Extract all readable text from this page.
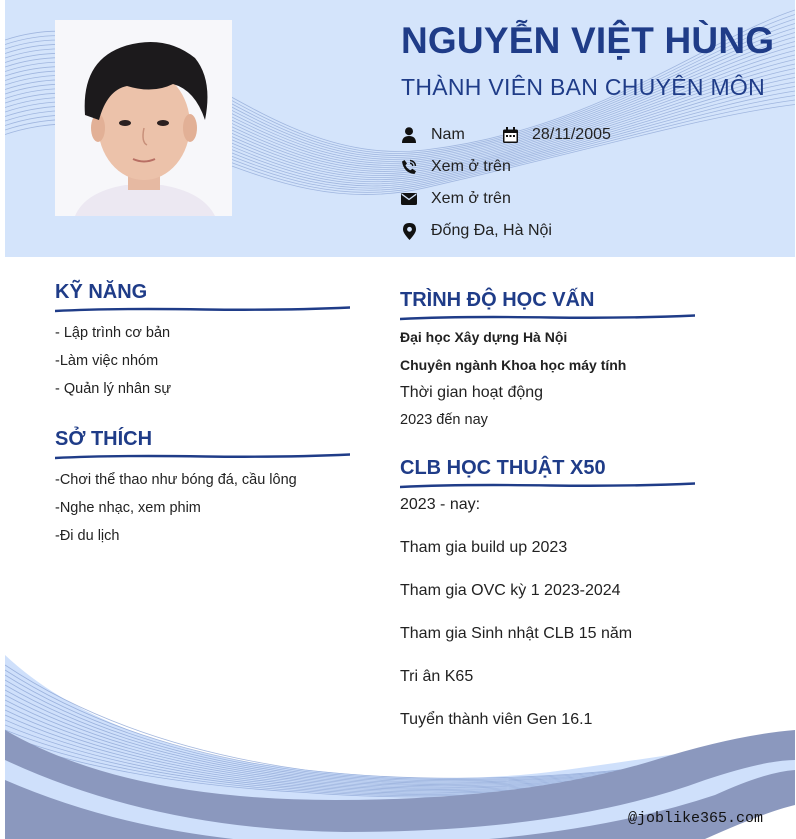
NGUYỄN VIỆT HÙNG
THÀNH VIÊN BAN CHUYÊN MÔN
Nam	28/11/2005
Xem ở trên
Xem ở trên
Đống Đa, Hà Nội
KỸ NĂNG
- Lập trình cơ bản
-Làm việc nhóm
- Quản lý nhân sự
SỞ THÍCH
-Chơi thể thao như bóng đá, cầu lông
-Nghe nhạc, xem phim
-Đi du lịch
TRÌNH ĐỘ HỌC VẤN
Đại học Xây dựng Hà Nội
Chuyên ngành Khoa học máy tính
Thời gian hoạt động
2023 đến nay
CLB HỌC THUẬT X50
2023 - nay:
Tham gia build up 2023
Tham gia OVC kỳ 1 2023-2024
Tham gia Sinh nhật CLB 15 năm
Tri ân K65
Tuyển thành viên Gen 16.1
@joblike365.com
